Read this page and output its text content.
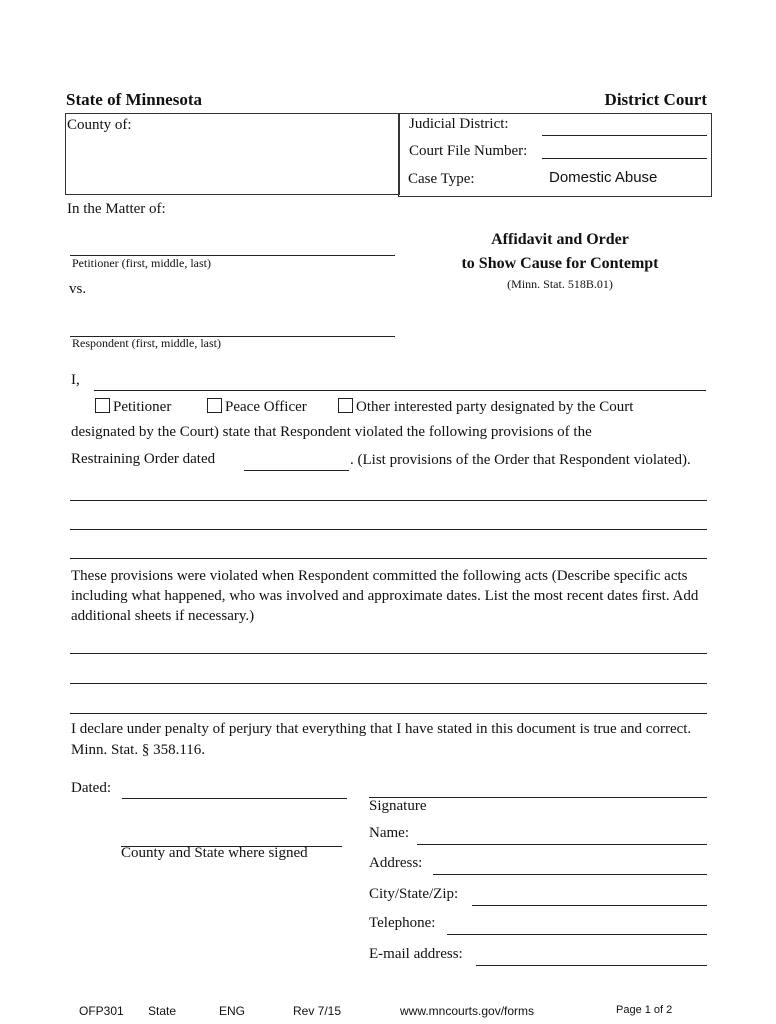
State of Minnesota	District Court
County of:	Judicial District:
Court File Number:
Case Type:	Domestic Abuse
In the Matter of:
Petitioner (first, middle, last)
vs.
Respondent (first, middle, last)
Affidavit and Order
to Show Cause for Contempt
(Minn. Stat. 518B.01)
I,
Petitioner	Peace Officer	Other interested party designated by the Court
designated by the Court) state that Respondent violated the following provisions of the
Restraining Order dated	. (List provisions of the Order that Respondent violated).
These provisions were violated when Respondent committed the following acts (Describe specific acts including what happened, who was involved and approximate dates. List the most recent dates first. Add additional sheets if necessary.)
I declare under penalty of perjury that everything that I have stated in this document is true and correct. Minn. Stat. § 358.116.
Dated:
County and State where signed
Signature
Name:
Address:
City/State/Zip:
Telephone:
E-mail address:
OFP301 State	ENG	Rev 7/15	www.mncourts.gov/forms	Page 1 of 2
